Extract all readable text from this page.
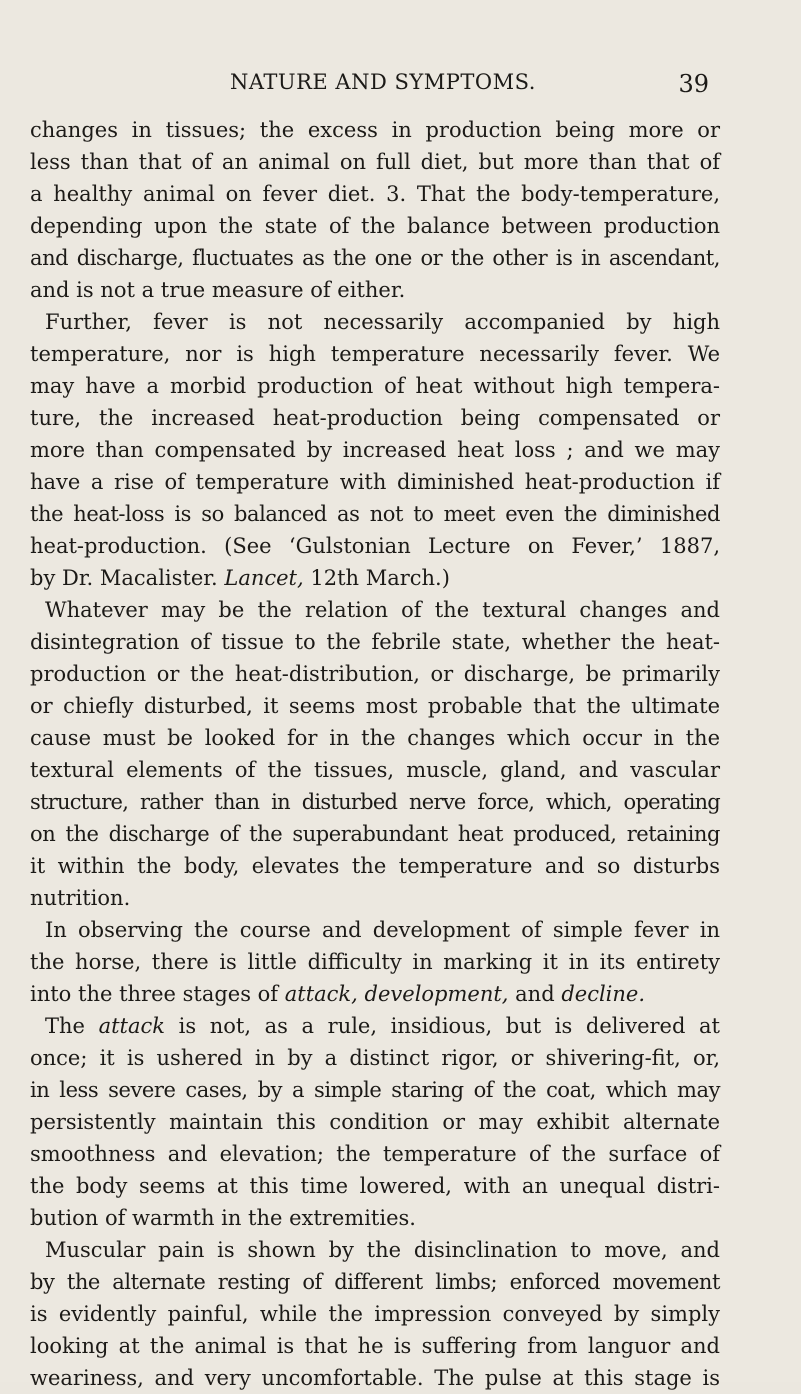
NATURE AND SYMPTOMS.	39
changes in tissues; the excess in production being more or
less than that of an animal on full diet, but more than that of
a healthy animal on fever diet. 3. That the body-temperature,
depending upon the state of the balance between production
and discharge, fluctuates as the one or the other is in ascendant,
and is not a true measure of either.
Further, fever is not necessarily accompanied by high
temperature, nor is high temperature necessarily fever. We
may have a morbid production of heat without high tempera-
ture, the increased heat-production being compensated or
more than compensated by increased heat loss ; and we may
have a rise of temperature with diminished heat-production if
the heat-loss is so balanced as not to meet even the diminished
heat-production. (See ‘Gulstonian Lecture on Fever,’ 1887,
by Dr. Macalister. Lancet, 12th March.)
Whatever may be the relation of the textural changes and
disintegration of tissue to the febrile state, whether the heat-
production or the heat-distribution, or discharge, be primarily
or chiefly disturbed, it seems most probable that the ultimate
cause must be looked for in the changes which occur in the
textural elements of the tissues, muscle, gland, and vascular
structure, rather than in disturbed nerve force, which, operating
on the discharge of the superabundant heat produced, retaining
it within the body, elevates the temperature and so disturbs
nutrition.
In observing the course and development of simple fever in
the horse, there is little difficulty in marking it in its entirety
into the three stages of attack, development, and decline.
The attack is not, as a rule, insidious, but is delivered at
once; it is ushered in by a distinct rigor, or shivering-fit, or,
in less severe cases, by a simple staring of the coat, which may
persistently maintain this condition or may exhibit alternate
smoothness and elevation; the temperature of the surface of
the body seems at this time lowered, with an unequal distri-
bution of warmth in the extremities.
Muscular pain is shown by the disinclination to move, and
by the alternate resting of different limbs; enforced movement
is evidently painful, while the impression conveyed by simply
looking at the animal is that he is suffering from languor and
weariness, and very uncomfortable. The pulse at this stage is
